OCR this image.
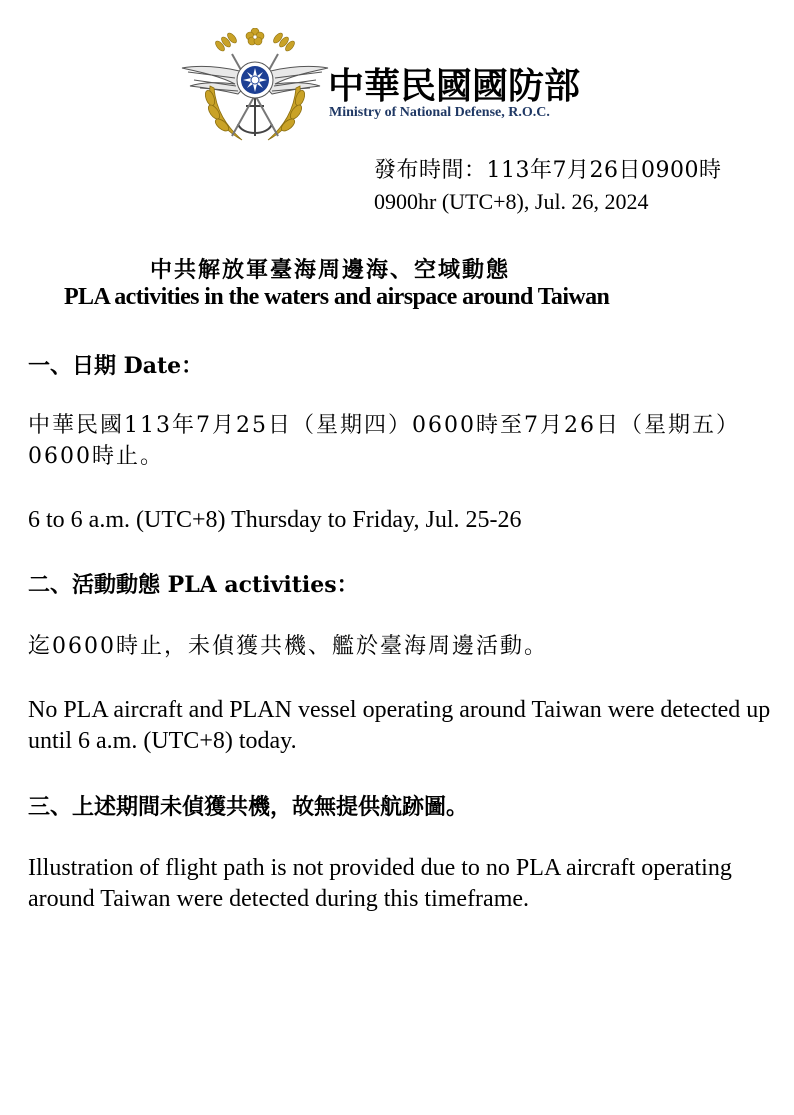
中華民國國防部
Ministry of National Defense, R.O.C.
發布時間：113年7月26日0900時
0900hr (UTC+8), Jul. 26, 2024
中共解放軍臺海周邊海、空域動態
PLA activities in the waters and airspace around Taiwan
一、日期 Date：
中華民國113年7月25日（星期四）0600時至7月26日（星期五）0600時止。
6 to 6 a.m. (UTC+8) Thursday to Friday, Jul. 25-26
二、活動動態 PLA activities：
迄0600時止，未偵獲共機、艦於臺海周邊活動。
No PLA aircraft and PLAN vessel operating around Taiwan were detected up until 6 a.m. (UTC+8) today.
三、上述期間未偵獲共機，故無提供航跡圖。
Illustration of flight path is not provided due to no PLA aircraft operating around Taiwan were detected during this timeframe.
